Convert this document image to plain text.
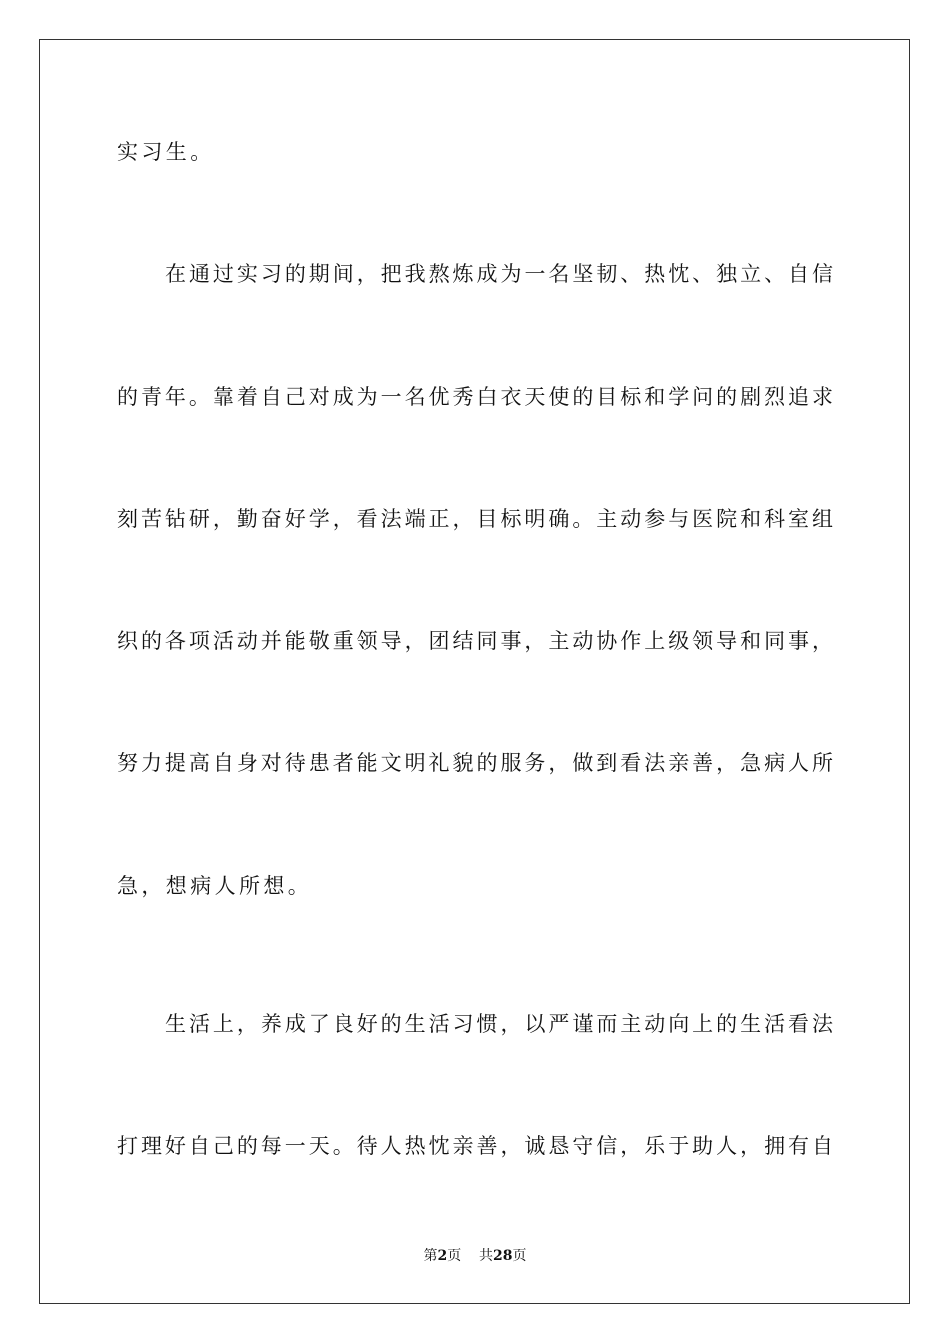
实习生。
在通过实习的期间，把我熬炼成为一名坚韧、热忱、独立、自信
的青年。靠着自己对成为一名优秀白衣天使的目标和学问的剧烈追求
刻苦钻研，勤奋好学，看法端正，目标明确。主动参与医院和科室组
织的各项活动并能敬重领导，团结同事，主动协作上级领导和同事，
努力提高自身对待患者能文明礼貌的服务，做到看法亲善，急病人所
急，想病人所想。
生活上，养成了良好的生活习惯，以严谨而主动向上的生活看法
打理好自己的每一天。待人热忱亲善，诚恳守信，乐于助人，拥有自
第2页 共28页
